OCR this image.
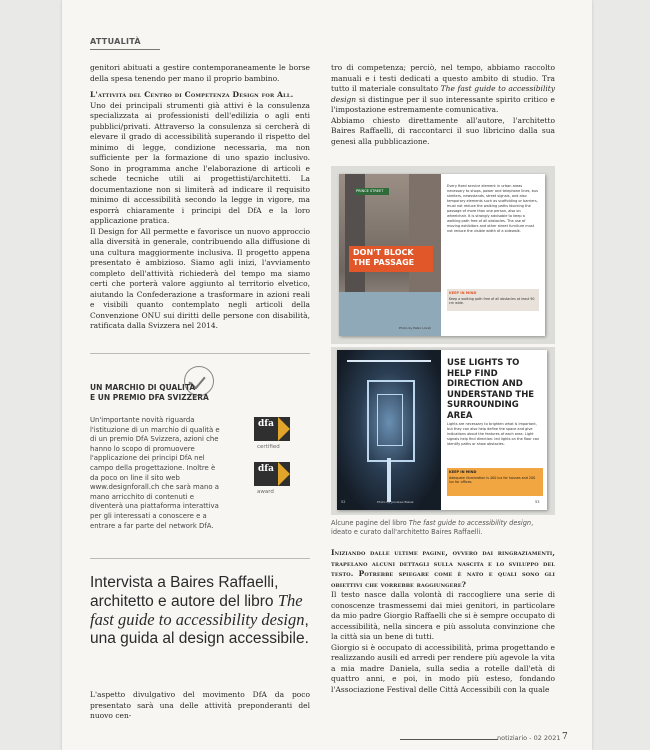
ATTUALITÀ

genitori abituati a gestire contemporaneamente le borse della spesa tenendo per mano il proprio bambino.

L'attività del Centro di Competenza Design for All.

Uno dei principali strumenti già attivi è la consulenza specializzata ai professionisti dell'edilizia o agli enti pubblici/privati. Attraverso la consulenza si cercherà di elevare il grado di accessibilità superando il rispetto del minimo di legge, condizione necessaria, ma non sufficiente per la formazione di uno spazio inclusivo. Sono in programma anche l'elaborazione di articoli e schede tecniche utili ai progettisti/architetti. La documentazione non si limiterà ad indicare il requisito minimo di accessibilità secondo la legge in vigore, ma esporrà chiaramente i principi del DfA e la loro applicazione pratica.

Il Design for All permette e favorisce un nuovo approccio alla diversità in generale, contribuendo alla diffusione di una cultura maggiormente inclusiva. Il progetto appena presentato è ambizioso. Siamo agli inizi, l'avviamento completo dell'attività richiederà del tempo ma siamo certi che porterà valore aggiunto al territorio elvetico, aiutando la Confederazione a trasformare in azioni reali e visibili quanto contemplato negli articoli della Convenzione ONU sui diritti delle persone con disabilità, ratificata dalla Svizzera nel 2014.

UN MARCHIO DI QUALITÀ
E UN PREMIO DFA SVIZZERA
Un'importante novità riguarda l'istituzione di un marchio di qualità e di un premio DfA Svizzera, azioni che hanno lo scopo di promuovere l'applicazione dei principi DfA nel campo della progettazione. Inoltre è da poco on line il sito web www.designforall.ch che sarà mano a mano arricchito di contenuti e diventerà una piattaforma interattiva per gli interessati a conoscere e a entrare a far parte del network DfA.
dfa
certified
dfa
award
Intervista a Baires Raffaelli, architetto e autore del libro The fast guide to accessibility design, una guida al design accessibile.
L'aspetto divulgativo del movimento DfA da poco presentato sarà una delle attività preponderanti del nuovo cen-

tro di competenza; perciò, nel tempo, abbiamo raccolto manuali e i testi dedicati a questo ambito di studio. Tra tutto il materiale consultato The fast guide to accessibility design si distingue per il suo interessante spirito critico e l'impostazione estremamente comunicativa.

Abbiamo chiesto direttamente all'autore, l'architetto Baires Raffaelli, di raccontarci il suo libricino dalla sua genesi alla pubblicazione.

PRINCE STREET
DON'T BLOCK
THE PASSAGE
Photo by Pablo Lloret
Every fixed service element in urban areas necessary to shops, power and telephone lines, bus shelters, newsstands, street signals, and also temporary elements such as scaffolding or barriers, must not reduce the walking paths blocking the passage of more than one person, also on wheelchair. It is strongly advisable to keep a walking path free of all obstacles. The use of moving exhibitors and other street furniture must not reduce the visible width of a sidewalk.
KEEP IN MIND
Keep a walking path free of all obstacles at least 90 cm wide.
52	Photo by Jaroslaw Bialek
USE LIGHTS TO HELP FIND DIRECTION AND UNDERSTAND THE SURROUNDING AREA
Lights are necessary to brighten what is important, but they can also help define the space and give indications about the features of each area. Light signals help find direction: led lights on the floor can identify paths or show obstacles.
KEEP IN MIND
Adequate illumination is 400 lux for houses and 200 lux for offices.
53
Alcune pagine del libro The fast guide to accessibility design, ideato e curato dall'architetto Baires Raffaelli.

Iniziando dalle ultime pagine, ovvero dai ringraziamenti, trapelano alcuni dettagli sulla nascita e lo sviluppo del testo. Potrebbe spiegare come è nato e quali sono gli obiettivi che vorrebbe raggiungere?

Il testo nasce dalla volontà di raccogliere una serie di conoscenze trasmessemi dai miei genitori, in particolare da mio padre Giorgio Raffaelli che si è sempre occupato di accessibilità, nella sincera e più assoluta convinzione che la città sia un bene di tutti.

Giorgio si è occupato di accessibilità, prima progettando e realizzando ausili ed arredi per rendere più agevole la vita a mia madre Daniela, sulla sedia a rotelle dall'età di quattro anni, e poi, in modo più esteso, fondando l'Associazione Festival delle Città Accessibili con la quale

notiziario - 02 2021 7
